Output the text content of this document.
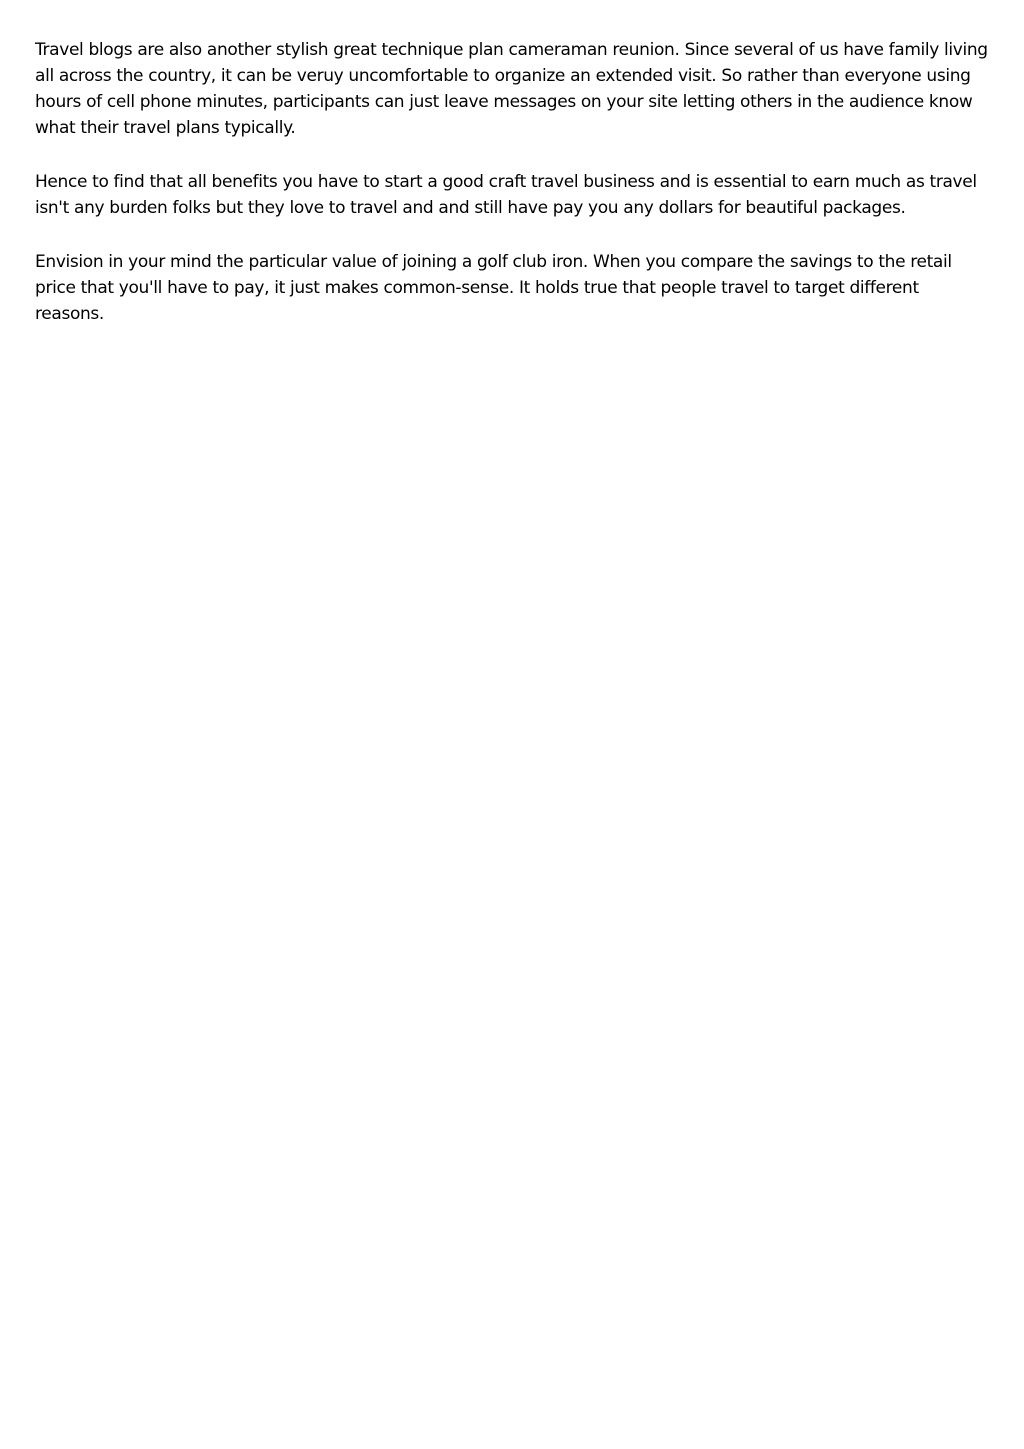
Travel blogs are also another stylish great technique plan cameraman reunion. Since several of us have family living all across the country, it can be veruy uncomfortable to organize an extended visit. So rather than everyone using hours of cell phone minutes, participants can just leave messages on your site letting others in the audience know what their travel plans typically.

Hence to find that all benefits you have to start a good craft travel business and is essential to earn much as travel isn't any burden folks but they love to travel and and still have pay you any dollars for beautiful packages.

Envision in your mind the particular value of joining a golf club iron. When you compare the savings to the retail price that you'll have to pay, it just makes common-sense. It holds true that people travel to target different reasons.
